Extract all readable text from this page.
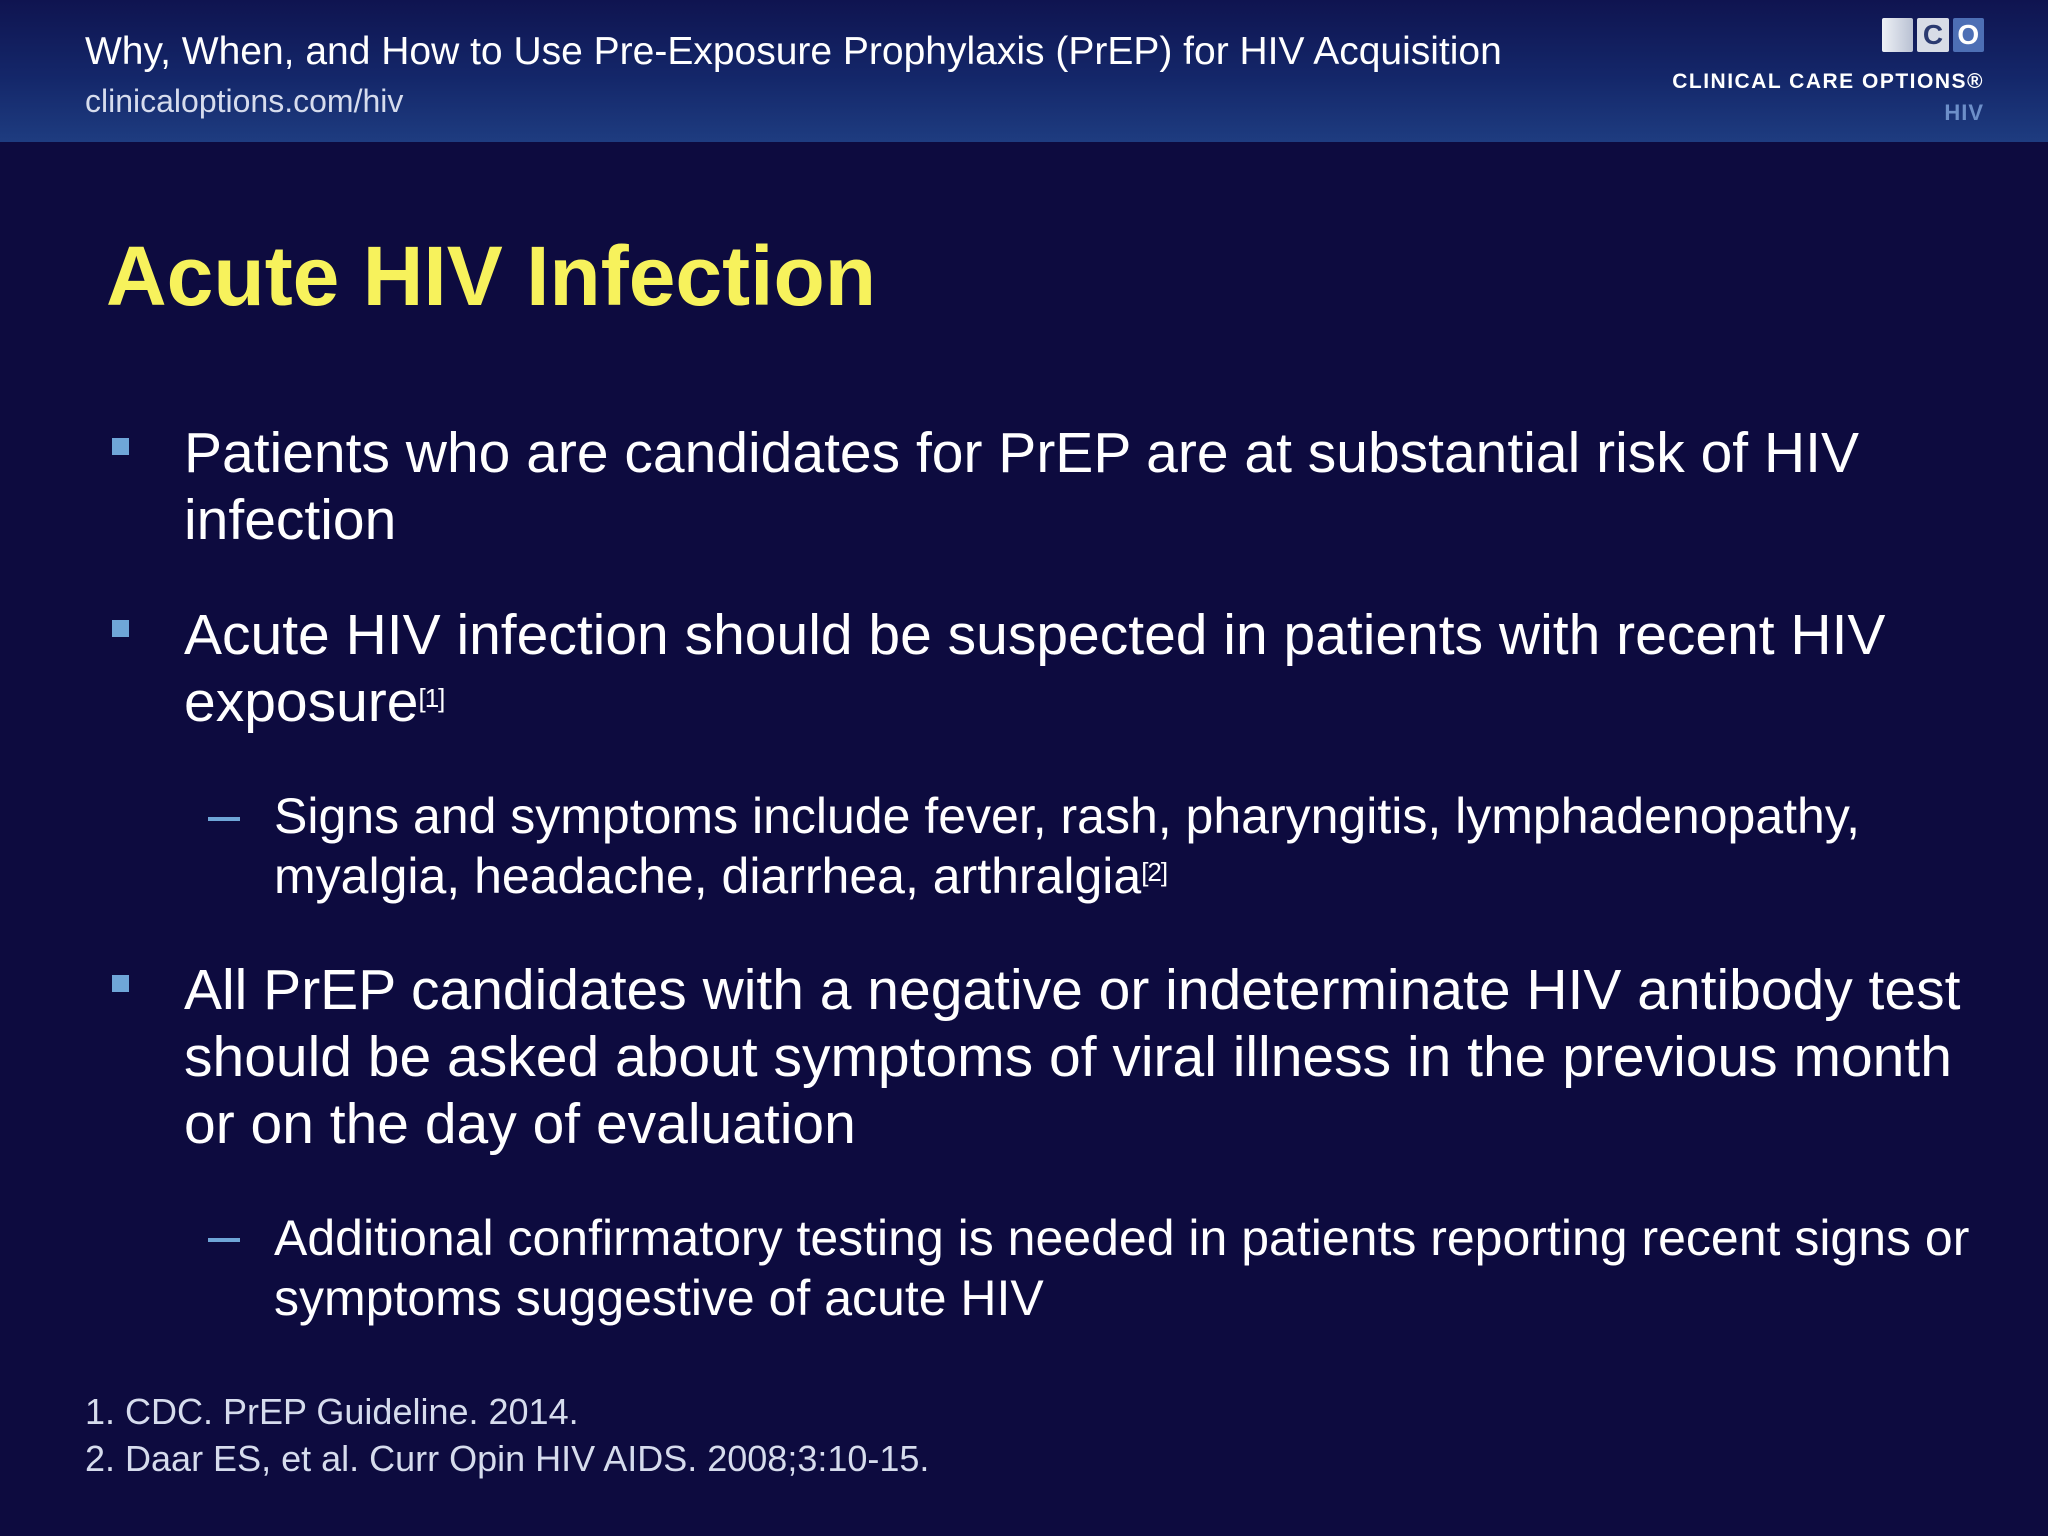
Why, When, and How to Use Pre-Exposure Prophylaxis (PrEP) for HIV Acquisition
clinicaloptions.com/hiv
C O
CLINICAL CARE OPTIONS®
HIV
Acute HIV Infection
Patients who are candidates for PrEP are at substantial risk of HIV infection
Acute HIV infection should be suspected in patients with recent HIV exposure[1]
Signs and symptoms include fever, rash, pharyngitis, lymphadenopathy, myalgia, headache, diarrhea, arthralgia[2]
All PrEP candidates with a negative or indeterminate HIV antibody test should be asked about symptoms of viral illness in the previous month or on the day of evaluation
Additional confirmatory testing is needed in patients reporting recent signs or symptoms suggestive of acute HIV
1. CDC. PrEP Guideline. 2014.
2. Daar ES, et al. Curr Opin HIV AIDS. 2008;3:10-15.
